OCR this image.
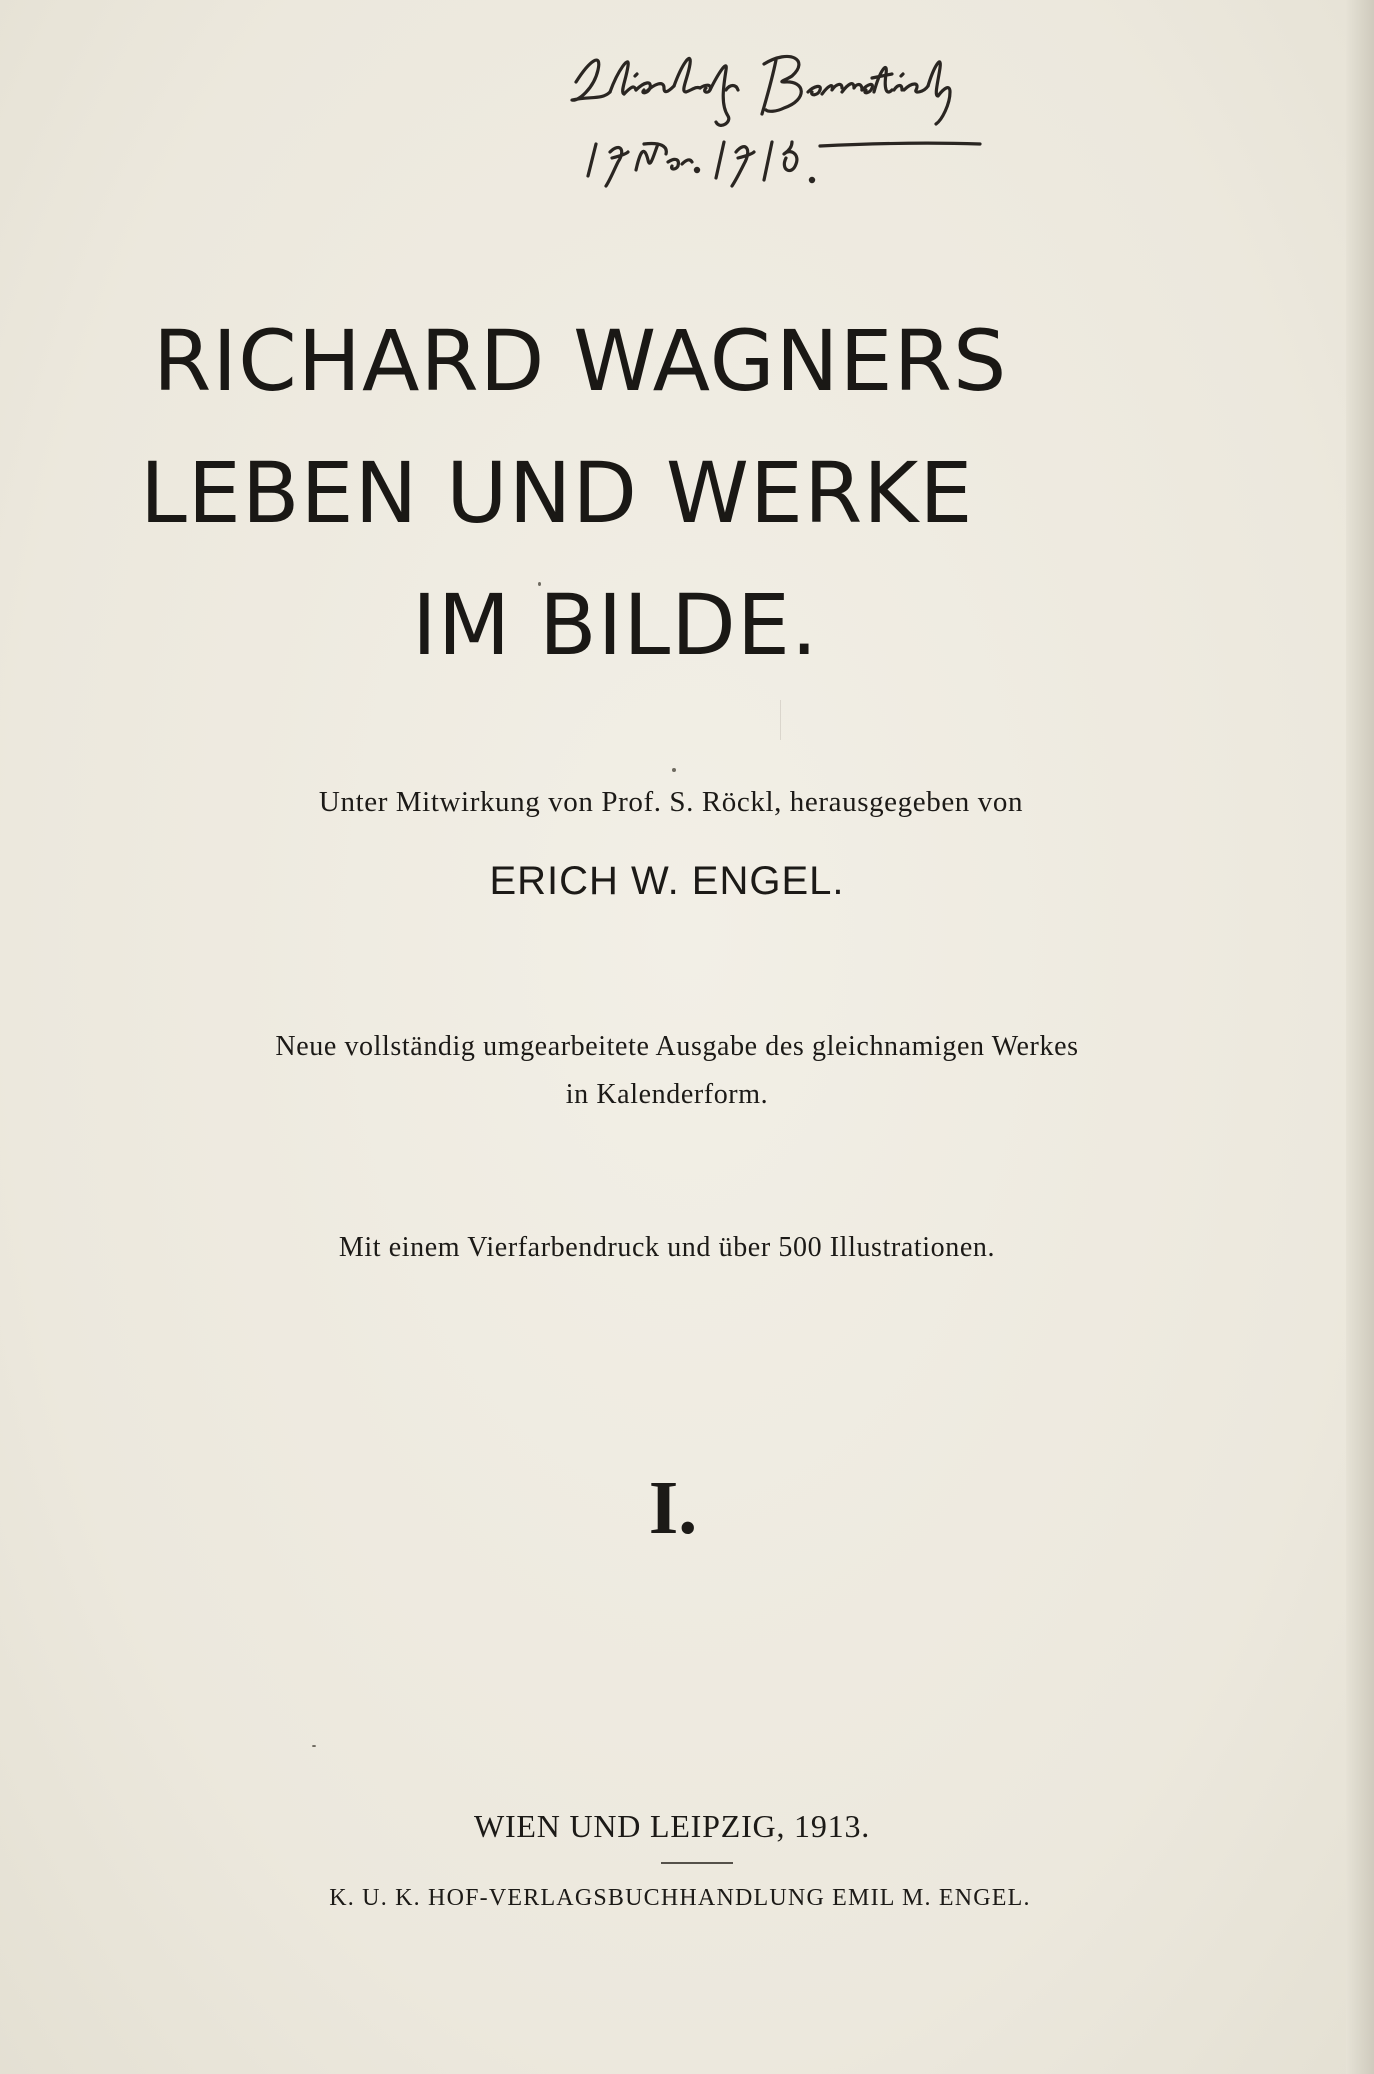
RICHARD WAGNERS
LEBEN UND WERKE
IM BILDE.
Unter Mitwirkung von Prof. S. Röckl, herausgegeben von
ERICH W. ENGEL.
Neue vollständig umgearbeitete Ausgabe des gleichnamigen Werkes
in Kalenderform.
Mit einem Vierfarbendruck und über 500 Illustrationen.
I.
WIEN UND LEIPZIG, 1913.
K. U. K. HOF-VERLAGSBUCHHANDLUNG EMIL M. ENGEL.
